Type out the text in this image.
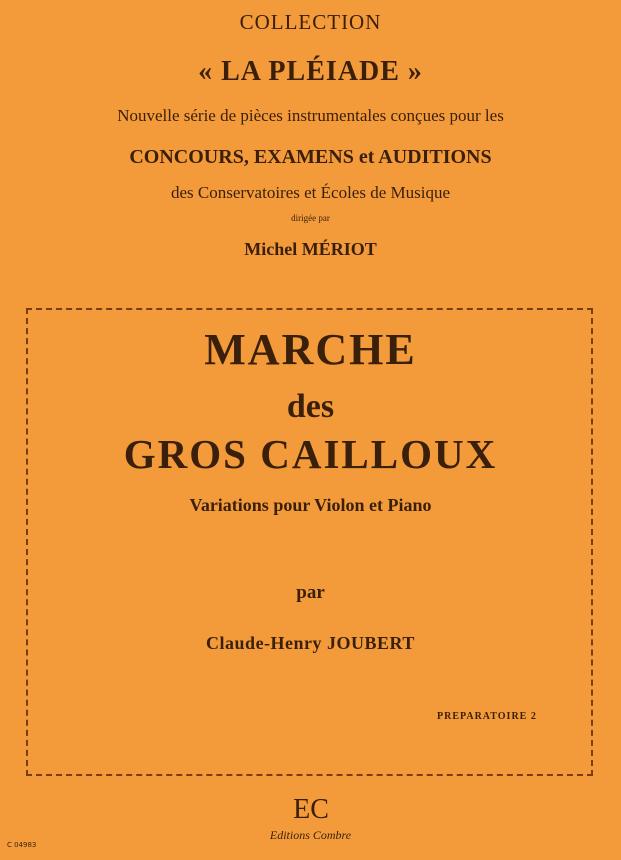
COLLECTION
« LA PLÉIADE »
Nouvelle série de pièces instrumentales conçues pour les
CONCOURS, EXAMENS et AUDITIONS
des Conservatoires et Écoles de Musique
dirigée par
Michel MÉRIOT
MARCHE
des
GROS CAILLOUX
Variations pour Violon et Piano
par
Claude-Henry JOUBERT
PREPARATOIRE 2
EC
Editions Combre
C 04983
